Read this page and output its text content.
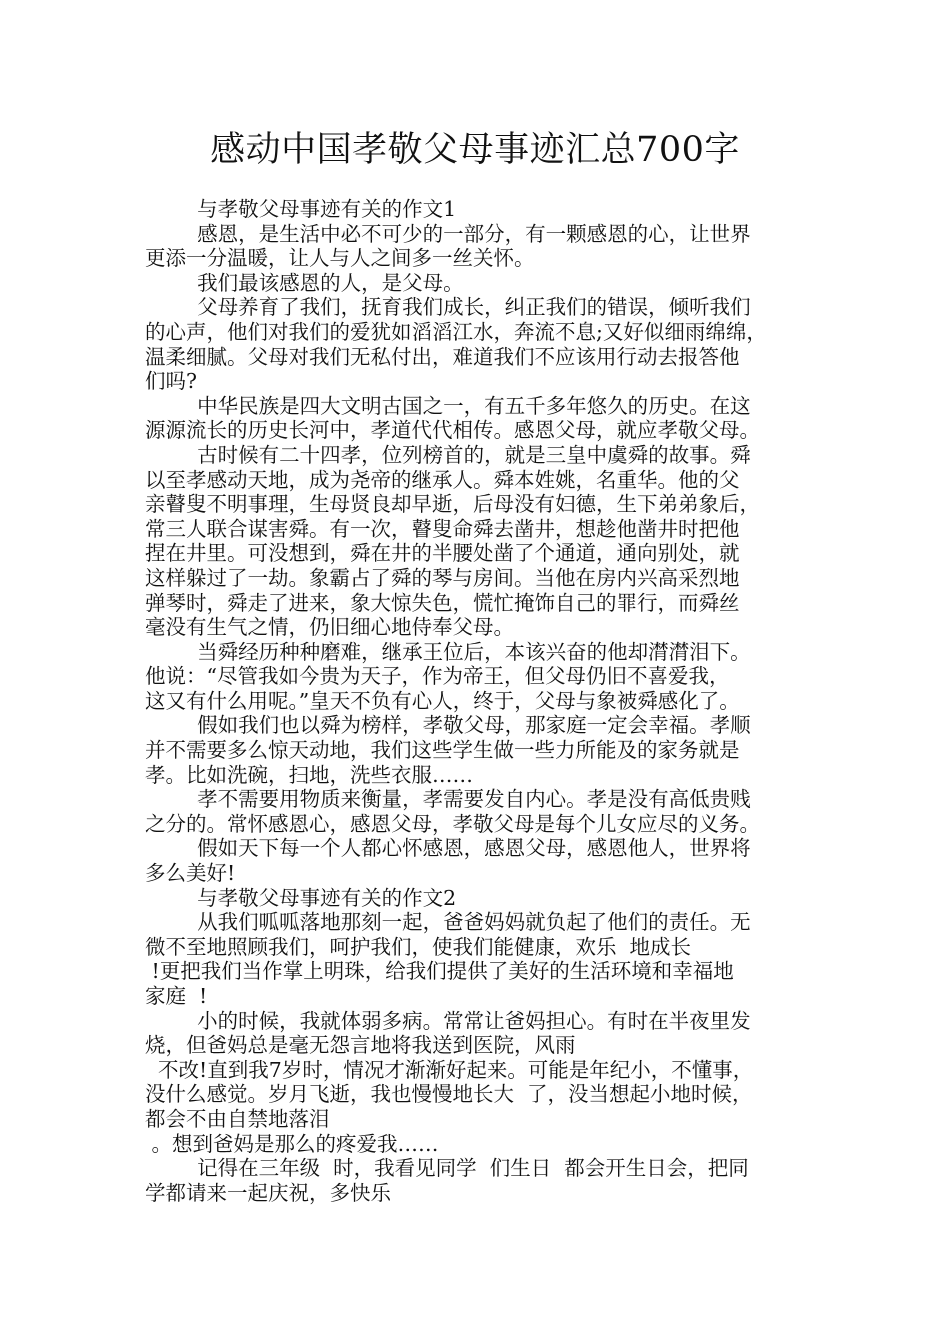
感动中国孝敬父母事迹汇总700字

与孝敬父母事迹有关的作文1

感恩，是生活中必不可少的一部分，有一颗感恩的心，让世界

更添一分温暖，让人与人之间多一丝关怀。

我们最该感恩的人，是父母。

父母养育了我们，抚育我们成长，纠正我们的错误，倾听我们

的心声，他们对我们的爱犹如滔滔江水，奔流不息;又好似细雨绵绵，

温柔细腻。父母对我们无私付出，难道我们不应该用行动去报答他

们吗?

中华民族是四大文明古国之一，有五千多年悠久的历史。在这

源源流长的历史长河中，孝道代代相传。感恩父母，就应孝敬父母。

古时候有二十四孝，位列榜首的，就是三皇中虞舜的故事。舜

以至孝感动天地，成为尧帝的继承人。舜本姓姚，名重华。他的父

亲瞽叟不明事理，生母贤良却早逝，后母没有妇德，生下弟弟象后，

常三人联合谋害舜。有一次，瞽叟命舜去凿井，想趁他凿井时把他

捏在井里。可没想到，舜在井的半腰处凿了个通道，通向别处，就

这样躲过了一劫。象霸占了舜的琴与房间。当他在房内兴高采烈地

弹琴时，舜走了进来，象大惊失色，慌忙掩饰自己的罪行，而舜丝

毫没有生气之情，仍旧细心地侍奉父母。

当舜经历种种磨难，继承王位后，本该兴奋的他却潸潸泪下。

他说：“尽管我如今贵为天子，作为帝王，但父母仍旧不喜爱我，

这又有什么用呢。”皇天不负有心人，终于，父母与象被舜感化了。

假如我们也以舜为榜样，孝敬父母，那家庭一定会幸福。孝顺

并不需要多么惊天动地，我们这些学生做一些力所能及的家务就是

孝。比如洗碗，扫地，洗些衣服……

孝不需要用物质来衡量，孝需要发自内心。孝是没有高低贵贱

之分的。常怀感恩心，感恩父母，孝敬父母是每个儿女应尽的义务。

假如天下每一个人都心怀感恩，感恩父母，感恩他人，世界将

多么美好!

与孝敬父母事迹有关的作文2

从我们呱呱落地那刻一起，爸爸妈妈就负起了他们的责任。无

微不至地照顾我们，呵护我们，使我们能健康，欢乐  地成长

!更把我们当作掌上明珠，给我们提供了美好的生活环境和幸福地

家庭  !

小的时候，我就体弱多病。常常让爸妈担心。有时在半夜里发

烧，但爸妈总是毫无怨言地将我送到医院，风雨

不改!直到我7岁时，情况才渐渐好起来。可能是年纪小，不懂事，

没什么感觉。岁月飞逝，我也慢慢地长大  了，没当想起小地时候，

都会不由自禁地落泪

。想到爸妈是那么的疼爱我……

记得在三年级  时，我看见同学  们生日  都会开生日会，把同

学都请来一起庆祝，多快乐
